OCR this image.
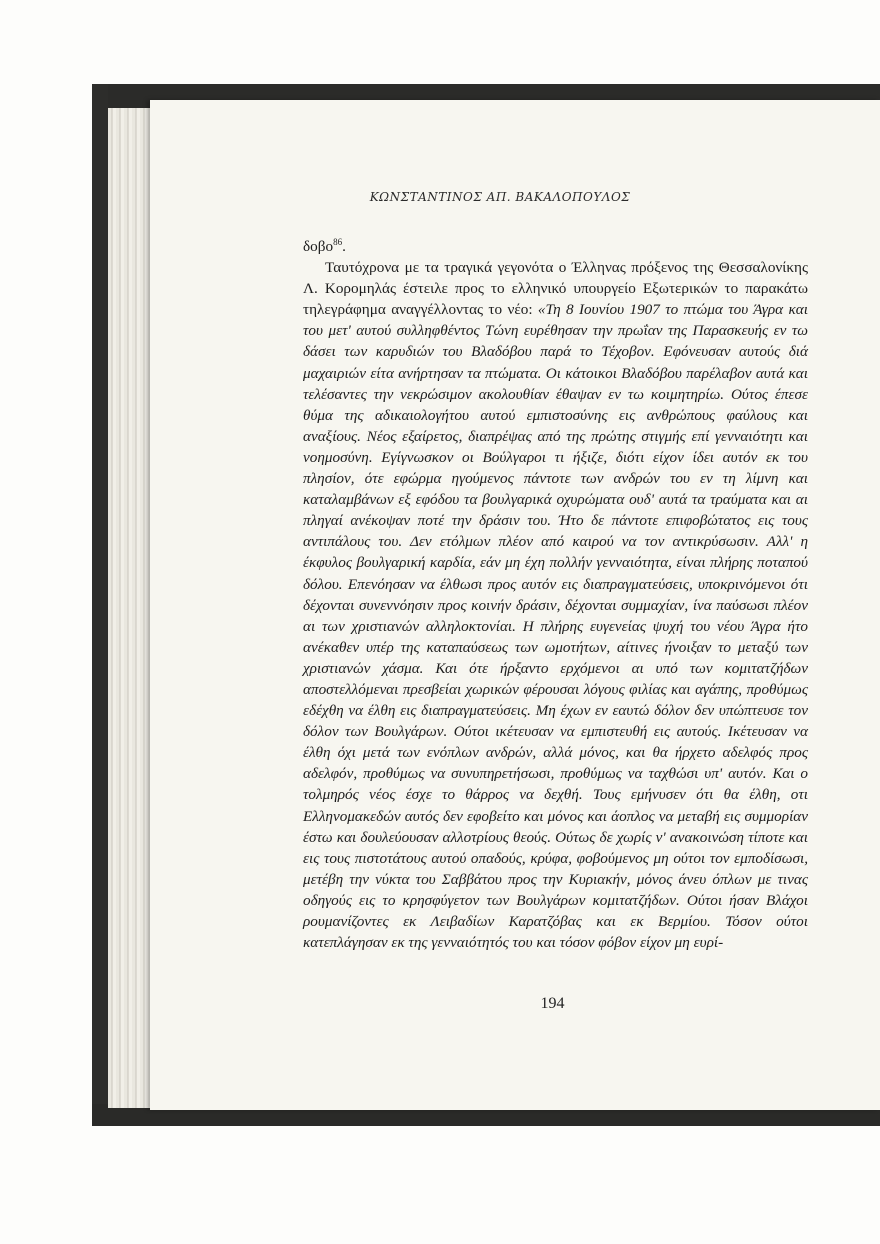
ΚΩΝΣΤΑΝΤΙΝΟΣ ΑΠ. ΒΑΚΑΛΟΠΟΥΛΟΣ

δοβο$^{86}$.

Ταυτόχρονα με τα τραγικά γεγονότα ο Έλληνας πρόξενος της Θεσσαλονίκης Λ. Κορομηλάς έστειλε προς το ελληνικό υπουργείο Εξωτερικών το παρακάτω τηλεγράφημα αναγγέλλοντας το νέο: «Τη 8 Ιουνίου 1907 το πτώμα του Άγρα και του μετ' αυτού συλληφθέντος Τώνη ευρέθησαν την πρωΐαν της Παρασκευής εν τω δάσει των καρυδιών του Βλαδόβου παρά το Τέχοβον. Εφόνευσαν αυτούς διά μαχαιριών είτα ανήρτησαν τα πτώματα. Οι κάτοικοι Βλαδόβου παρέλαβον αυτά και τελέσαντες την νεκρώσιμον ακολουθίαν έθαψαν εν τω κοιμητηρίω. Ούτος έπεσε θύμα της αδικαιολογήτου αυτού εμπιστοσύνης εις ανθρώπους φαύλους και αναξίους. Νέος εξαίρετος, διαπρέψας από της πρώτης στιγμής επί γενναιότητι και νοημοσύνη. Εγίγνωσκον οι Βούλγαροι τι ήξιζε, διότι είχον ίδει αυτόν εκ του πλησίον, ότε εφώρμα ηγούμενος πάντοτε των ανδρών του εν τη λίμνη και καταλαμβάνων εξ εφόδου τα βουλγαρικά οχυρώματα ουδ' αυτά τα τραύματα και αι πληγαί ανέκοψαν ποτέ την δράσιν του. Ήτο δε πάντοτε επιφοβώτατος εις τους αντιπάλους του. Δεν ετόλμων πλέον από καιρού να τον αντικρύσωσιν. Αλλ' η έκφυλος βουλγαρική καρδία, εάν μη έχη πολλήν γενναιότητα, είναι πλήρης ποταπού δόλου. Επενόησαν να έλθωσι προς αυτόν εις διαπραγματεύσεις, υποκρινόμενοι ότι δέχονται συνεννόησιν προς κοινήν δράσιν, δέχονται συμμαχίαν, ίνα παύσωσι πλέον αι των χριστιανών αλληλοκτονίαι. Η πλήρης ευγενείας ψυχή του νέου Άγρα ήτο ανέκαθεν υπέρ της καταπαύσεως των ωμοτήτων, αίτινες ήνοιξαν το μεταξύ των χριστιανών χάσμα. Και ότε ήρξαντο ερχόμενοι αι υπό των κομιτατζήδων αποστελλόμεναι πρεσβείαι χωρικών φέρουσαι λόγους φιλίας και αγάπης, προθύμως εδέχθη να έλθη εις διαπραγματεύσεις. Μη έχων εν εαυτώ δόλον δεν υπώπτευσε τον δόλον των Βουλγάρων. Ούτοι ικέτευσαν να εμπιστευθή εις αυτούς. Ικέτευσαν να έλθη όχι μετά των ενόπλων ανδρών, αλλά μόνος, και θα ήρχετο αδελφός προς αδελφόν, προθύμως να συνυπηρετήσωσι, προθύμως να ταχθώσι υπ' αυτόν. Και ο τολμηρός νέος έσχε το θάρρος να δεχθή. Τους εμήνυσεν ότι θα έλθη, οτι Ελληνομακεδών αυτός δεν εφοβείτο και μόνος και άοπλος να μεταβή εις συμμορίαν έστω και δουλεύουσαν αλλοτρίους θεούς. Ούτως δε χωρίς ν' ανακοινώση τίποτε και εις τους πιστοτάτους αυτού οπαδούς, κρύφα, φοβούμενος μη ούτοι τον εμποδίσωσι, μετέβη την νύκτα του Σαββάτου προς την Κυριακήν, μόνος άνευ όπλων με τινας οδηγούς εις το κρησφύγετον των Βουλγάρων κομιτατζήδων. Ούτοι ήσαν Βλάχοι ρουμανίζοντες εκ Λειβαδίων Καρατζόβας και εκ Βερμίου. Τόσον ούτοι κατεπλάγησαν εκ της γενναιότητός του και τόσον φόβον είχον μη ευρί-

194
